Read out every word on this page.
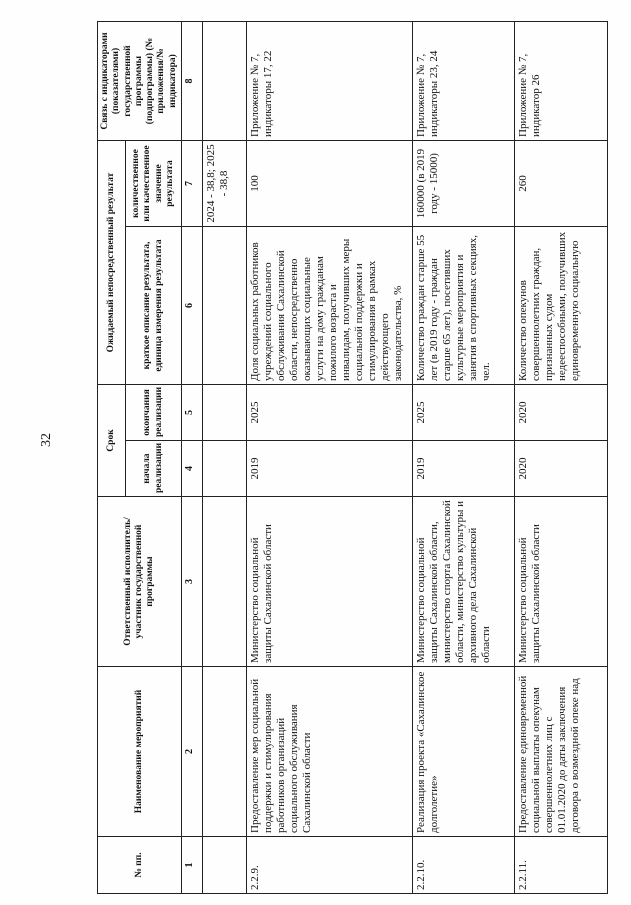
32
№ пп.	Наименование мероприятий	Ответственный исполнитель/участник государственной программы	Срок		Ожидаемый непосредственный результат		Связь с индикаторами (показателями) государственной программы (подпрограммы) (№ приложения/№ индикатора)
			начала реализации	окончания реализации	краткое описание результата, единица измерения результата	количественное или качественное значение результата	
1	2	3	4	5	6	7	8
						2024 - 38,8; 2025 - 38,8	
2.2.9.	Предоставление мер социальной поддержки и стимулирования работников организаций социального обслуживания Сахалинской области	Министерство социальной защиты Сахалинской области	2019	2025	Доля социальных работников учреждений социального обслуживания Сахалинской области, непосредственно оказывающих социальные услуги на дому гражданам пожилого возраста и инвалидам, получивших меры социальной поддержки и стимулирования в рамках действующего законодательства, %	100	Приложение № 7, индикаторы 17, 22
2.2.10.	Реализация проекта «Сахалинское долголетие»	Министерство социальной защиты Сахалинской области, министерство спорта Сахалинской области, министерство культуры и архивного дела Сахалинской области	2019	2025	Количество граждан старше 55 лет (в 2019 году - граждан старше 65 лет), посетивших культурные мероприятия и занятия в спортивных секциях, чел.	160000 (в 2019 году - 15000)	Приложение № 7, индикаторы 23, 24
2.2.11.	Предоставление единовременной социальной выплаты опекунам совершеннолетних лиц с 01.01.2020 до даты заключения договора о возмездной опеке над	Министерство социальной защиты Сахалинской области	2020	2020	Количество опекунов совершеннолетних граждан, признанных судом недееспособными, получивших единовременную социальную	260	Приложение № 7, индикатор 26
